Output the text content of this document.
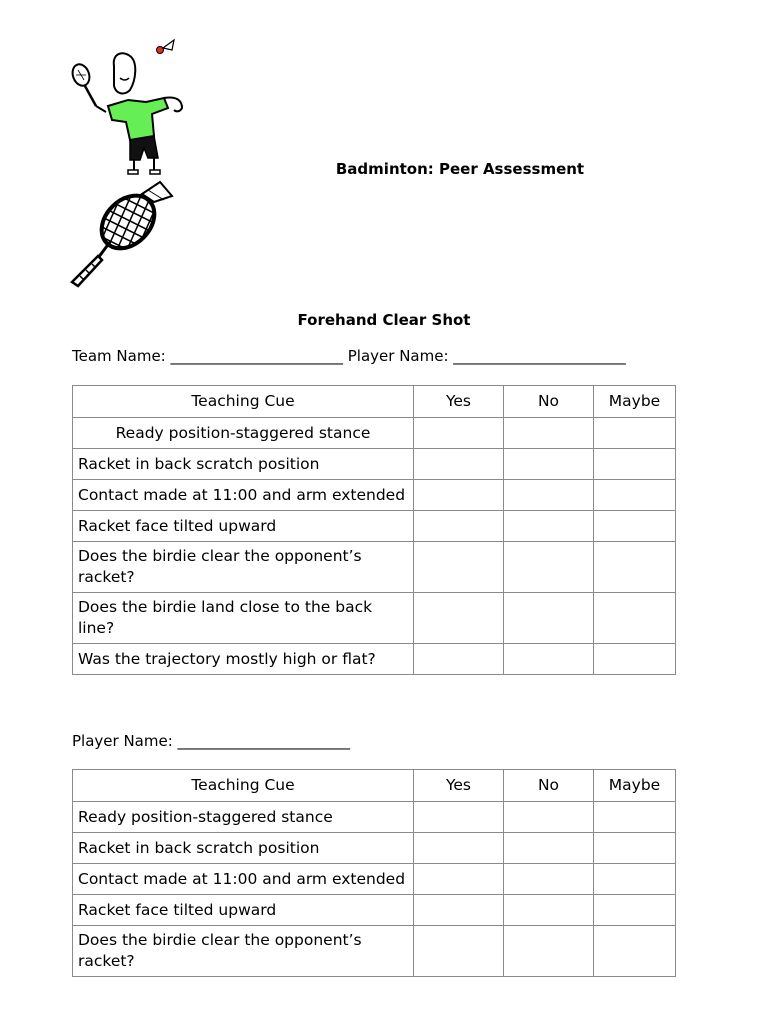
Badminton: Peer Assessment
Forehand Clear Shot
Team Name: _______________________ Player Name: _______________________
Teaching Cue	Yes	No	Maybe
Ready position-staggered stance			
Racket in back scratch position			
Contact made at 11:00 and arm extended			
Racket face tilted upward			
Does the birdie clear the opponent’s racket?			
Does the birdie land close to the back line?			
Was the trajectory mostly high or flat?			
Player Name: _______________________
Teaching Cue	Yes	No	Maybe
Ready position-staggered stance			
Racket in back scratch position			
Contact made at 11:00 and arm extended			
Racket face tilted upward			
Does the birdie clear the opponent’s racket?			
